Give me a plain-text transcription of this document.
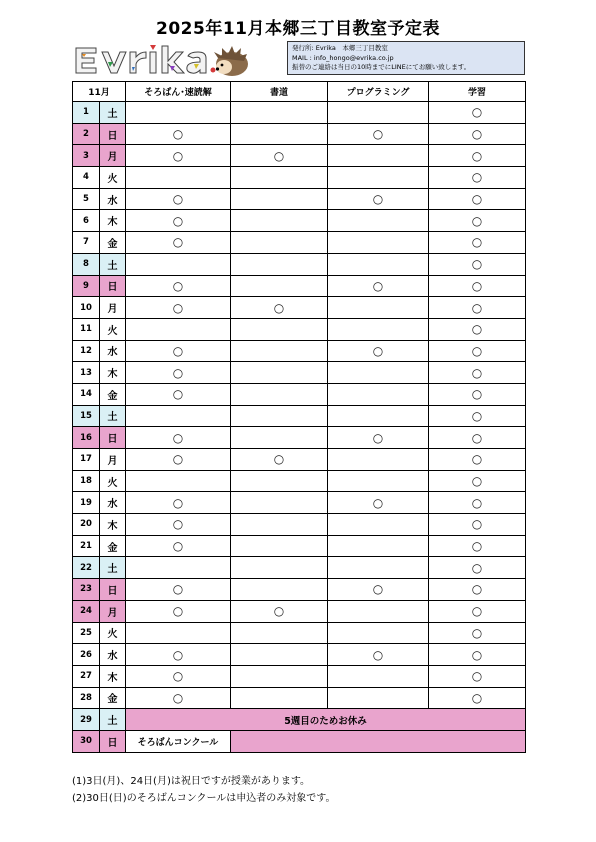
2025年11月本郷三丁目教室予定表
発行所: Evrika　本郷三丁目教室
MAIL : info_hongo@evrika.co.jp
振替のご連絡は当日の10時までにLINEにてお願い致します。
11月		そろばん･速読解	書道	プログラミング	学習
1	土				○
2	日	○		○	○
3	月	○	○		○
4	火				○
5	水	○		○	○
6	木	○			○
7	金	○			○
8	土				○
9	日	○		○	○
10	月	○	○		○
11	火				○
12	水	○		○	○
13	木	○			○
14	金	○			○
15	土				○
16	日	○		○	○
17	月	○	○		○
18	火				○
19	水	○		○	○
20	木	○			○
21	金	○			○
22	土				○
23	日	○		○	○
24	月	○	○		○
25	火				○
26	水	○		○	○
27	木	○			○
28	金	○			○
29	土	5週目のためお休み			
30	日	そろばんコンクール			
(1)3日(月)、24日(月)は祝日ですが授業があります。
(2)30日(日)のそろばんコンクールは申込者のみ対象です。
